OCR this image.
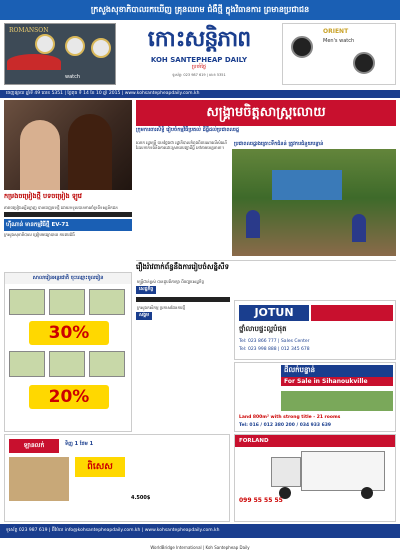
ក្រសួងសុខាភិបាលរកឃើញ គ្រុនឈាម ជំងឺថ្មី ក្នុងវិធានការ ព្រមានប្រជាជន
ROMANSON
watch
កោះសន្តិភាព
KOH SANTEPHEAP DAILY
ប្រចាំថ្ងៃ
ទូរស័ព្ទ: 023 987 619 | លេខ 5351
ORIENT
Men's watch
ចេញផ្សាយ ឆ្នាំទី 49 លេខ 5351 | ថ្ងៃពុធ ទី 14 ខែ 10 ឆ្នាំ 2015 | www.kohsantepheapdaily.com.kh
កម្រងចម្រៀងថ្មី បទចម្រៀង ឡូវេ
តារាចម្រៀងល្បីល្បាញ បានចេញបទថ្មី ដោយទទួលបានការគាំទ្រពីទស្សនិកជន
ហ៊ីណាន់ មានកម្មវិធីថ្មី EV-71
ក្រសួងសុខាភិបាល ត្រៀមមធ្យោបាយ ការពារជំងឺ
សង្គ្រាមចិត្តសាស្ត្រលោយ
ក្រុមការពារសិទ្ធិ រៀបចំកម្មវិធីប្រគល់ ដីធ្លីដល់ប្រជាពលរដ្ឋ
លោក រដ្ឋមន្ត្រី បានថ្លែងថា រដ្ឋាភិបាលកំពុងពិចារណាលើសំណើ ដែលទាក់ទងនឹងការដោះស្រាយបញ្ហាដីធ្លី នៅតាមខេត្តនានា។
ប្រជាពលរដ្ឋរងគ្រោះទឹកជំនន់ ត្រូវការជំនួយបន្ទាន់
រឿងរ៉ាវពាក់ព័ន្ធនឹងការរៀបចំសន្និសីទ
សាលារៀនអន្តរជាតិ ចុះឈ្មោះចូលរៀន
30%
20%
មន្ត្រីជាន់ខ្ពស់ បានជួបពិភាក្សា ពីបញ្ហាសេដ្ឋកិច្ច
សេដ្ឋកិច្ច
ក្រសួងកសិកម្ម ប្រកាសផែនការថ្មី
សង្គម	JOTUN
ថ្នាំលាបផ្ទះល្អបំផុត
Tel: 023 866 777 | Sales Center
Tel: 023 998 888 | 012 345 678
ដីលក់បន្ទាន់
For Sale in Sihanoukville
Land 800m² with strong title - 21 rooms
Tel: 016 / 012 380 200 / 034 933 639
ឡានលក់	ទិញ 1 ថែម 1
ពិសេស
4.500$
FORLAND
099 55 55 55
ទូរស័ព្ទ 023 987 619 | អ៊ីម៉ែល info@kohsantepheapdaily.com.kh | www.kohsantepheapdaily.com.kh
WorldBridge International | Koh Santepheap Daily
